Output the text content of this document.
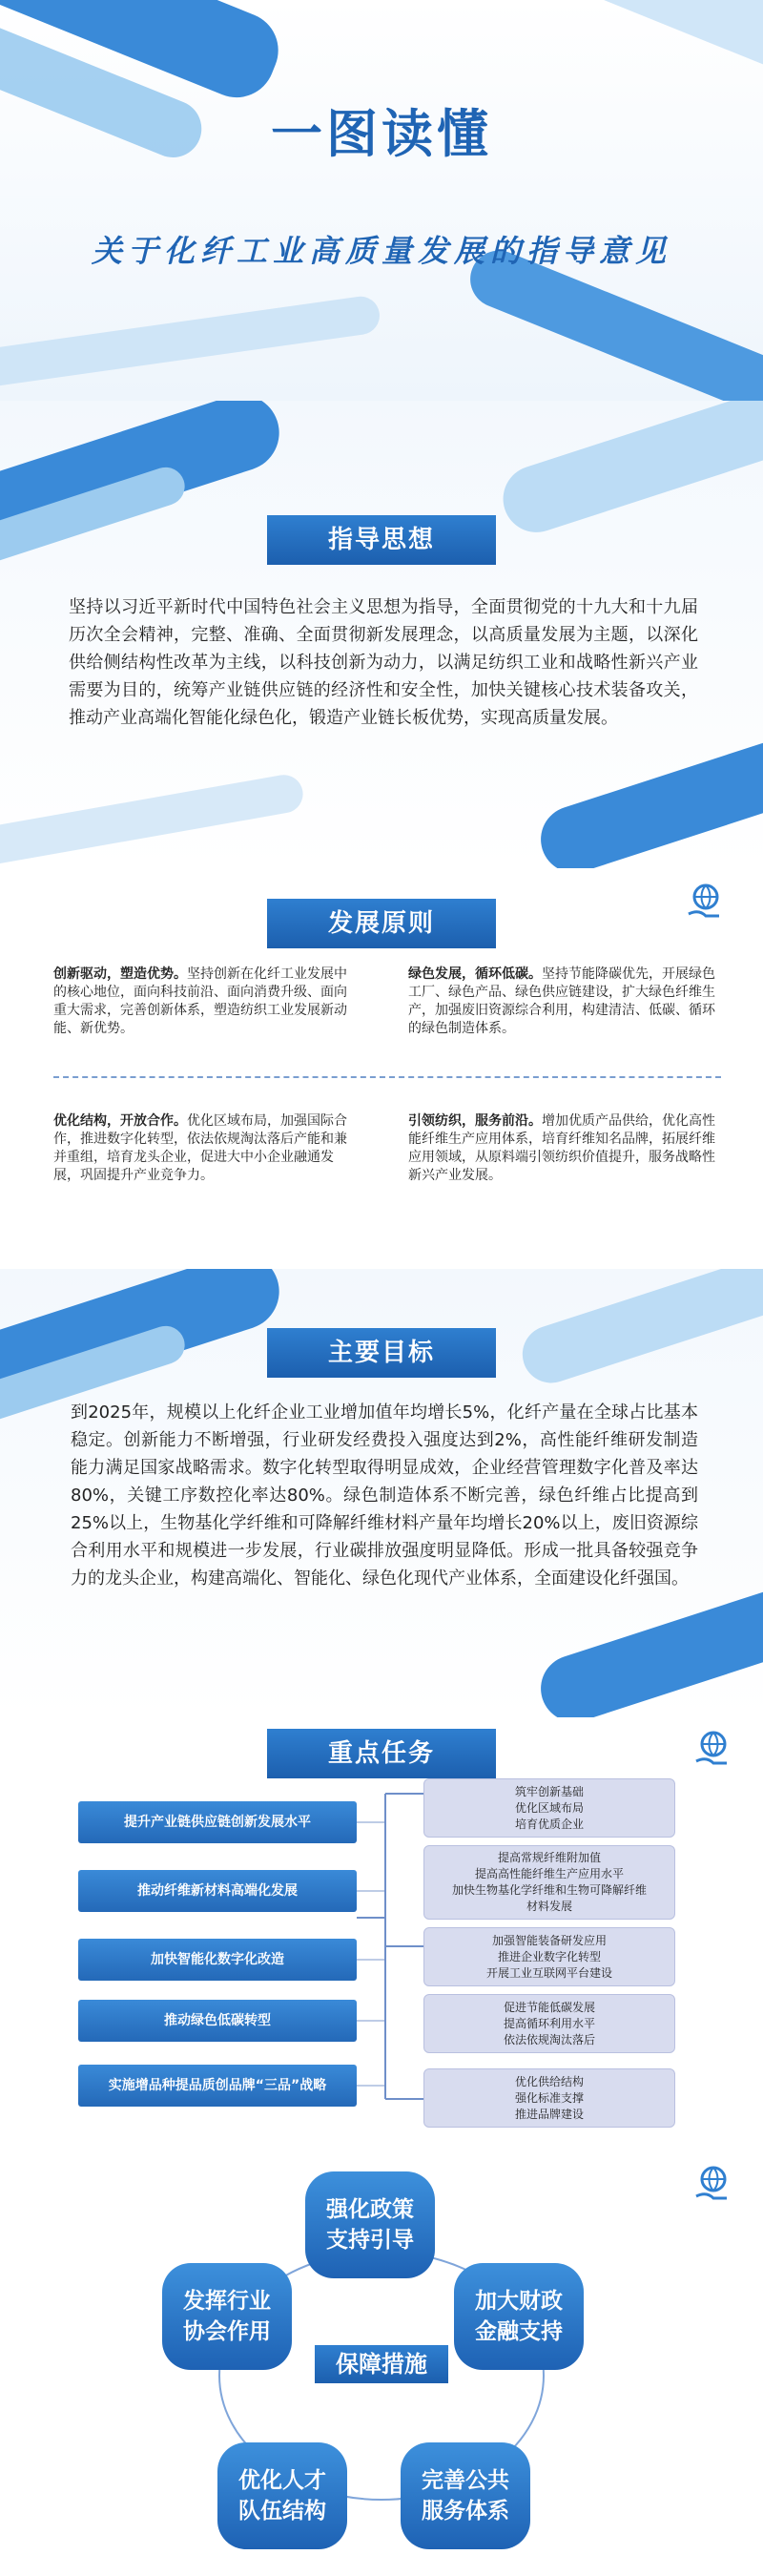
一图读懂
关于化纤工业高质量发展的指导意见
指导思想
坚持以习近平新时代中国特色社会主义思想为指导，全面贯彻党的十九大和十九届历次全会精神，完整、准确、全面贯彻新发展理念，以高质量发展为主题，以深化供给侧结构性改革为主线，以科技创新为动力，以满足纺织工业和战略性新兴产业需要为目的，统筹产业链供应链的经济性和安全性，加快关键核心技术装备攻关，推动产业高端化智能化绿色化，锻造产业链长板优势，实现高质量发展。
发展原则
创新驱动，塑造优势。坚持创新在化纤工业发展中的核心地位，面向科技前沿、面向消费升级、面向重大需求，完善创新体系，塑造纺织工业发展新动能、新优势。
绿色发展，循环低碳。坚持节能降碳优先，开展绿色工厂、绿色产品、绿色供应链建设，扩大绿色纤维生产，加强废旧资源综合利用，构建清洁、低碳、循环的绿色制造体系。
优化结构，开放合作。优化区域布局，加强国际合作，推进数字化转型，依法依规淘汰落后产能和兼并重组，培育龙头企业，促进大中小企业融通发展，巩固提升产业竞争力。
引领纺织，服务前沿。增加优质产品供给，优化高性能纤维生产应用体系，培育纤维知名品牌，拓展纤维应用领域，从原料端引领纺织价值提升，服务战略性新兴产业发展。
主要目标
到2025年，规模以上化纤企业工业增加值年均增长5%，化纤产量在全球占比基本稳定。创新能力不断增强，行业研发经费投入强度达到2%，高性能纤维研发制造能力满足国家战略需求。数字化转型取得明显成效，企业经营管理数字化普及率达80%，关键工序数控化率达80%。绿色制造体系不断完善，绿色纤维占比提高到25%以上，生物基化学纤维和可降解纤维材料产量年均增长20%以上，废旧资源综合利用水平和规模进一步发展，行业碳排放强度明显降低。形成一批具备较强竞争力的龙头企业，构建高端化、智能化、绿色化现代产业体系，全面建设化纤强国。
重点任务
提升产业链供应链创新发展水平
推动纤维新材料高端化发展
加快智能化数字化改造
推动绿色低碳转型
实施增品种提品质创品牌“三品”战略
筑牢创新基础
优化区域布局
培育优质企业
提高常规纤维附加值
提高高性能纤维生产应用水平
加快生物基化学纤维和生物可降解纤维
材料发展
加强智能装备研发应用
推进企业数字化转型
开展工业互联网平台建设
促进节能低碳发展
提高循环利用水平
依法依规淘汰落后
优化供给结构
强化标准支撑
推进品牌建设
保障措施
强化政策
支持引导
加大财政
金融支持
完善公共
服务体系
优化人才
队伍结构
发挥行业
协会作用
